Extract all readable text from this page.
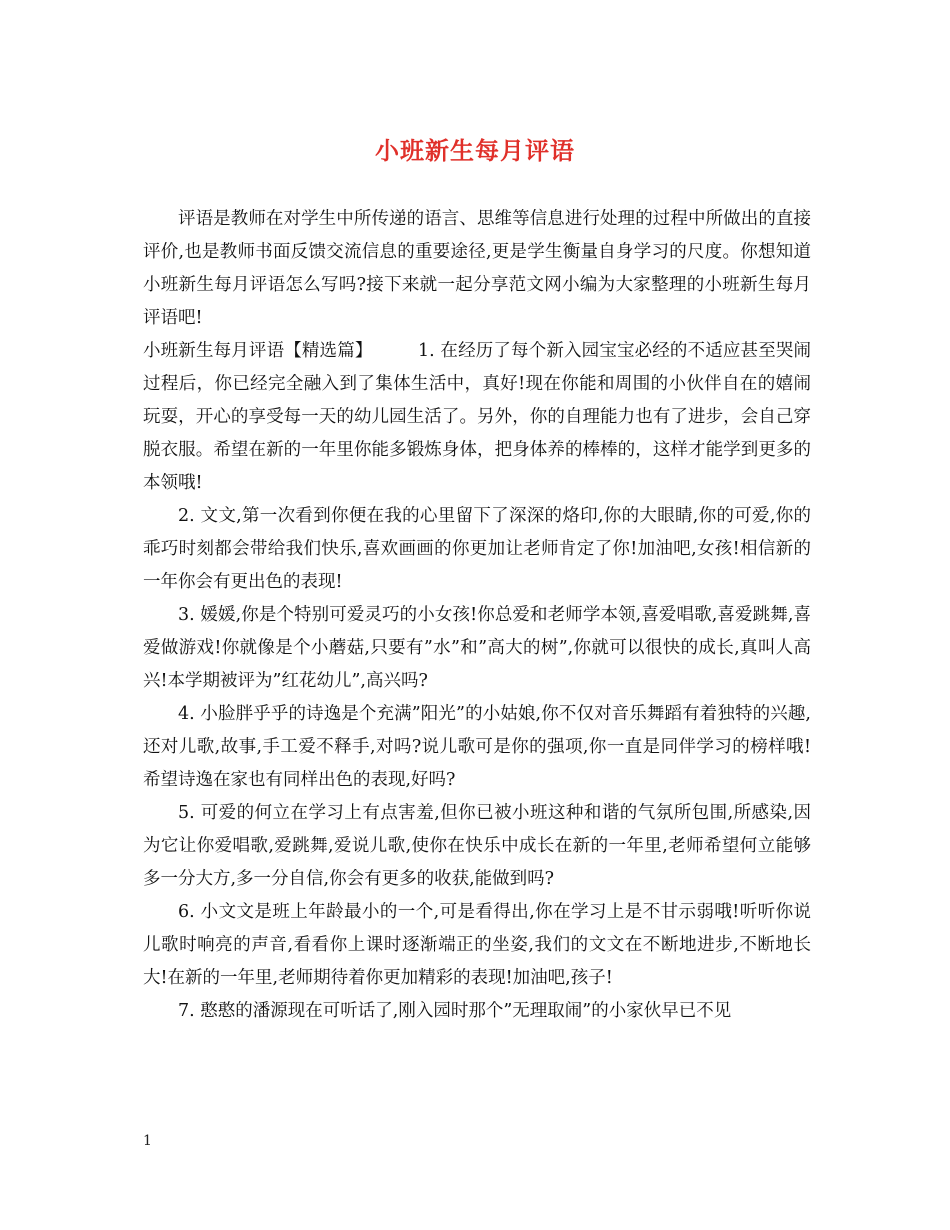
小班新生每月评语

评语是教师在对学生中所传递的语言、思维等信息进行处理的过程中所做出的直接评价,也是教师书面反馈交流信息的重要途径,更是学生衡量自身学习的尺度。你想知道小班新生每月评语怎么写吗?接下来就一起分享范文网小编为大家整理的小班新生每月评语吧!

小班新生每月评语【精选篇】	1. 在经历了每个新入园宝宝必经的不适应甚至哭闹过程后，你已经完全融入到了集体生活中，真好!现在你能和周围的小伙伴自在的嬉闹玩耍，开心的享受每一天的幼儿园生活了。另外，你的自理能力也有了进步，会自己穿脱衣服。希望在新的一年里你能多锻炼身体，把身体养的棒棒的，这样才能学到更多的本领哦!

2. 文文,第一次看到你便在我的心里留下了深深的烙印,你的大眼睛,你的可爱,你的乖巧时刻都会带给我们快乐,喜欢画画的你更加让老师肯定了你!加油吧,女孩!相信新的一年你会有更出色的表现!

3. 媛媛,你是个特别可爱灵巧的小女孩!你总爱和老师学本领,喜爱唱歌,喜爱跳舞,喜爱做游戏!你就像是个小蘑菇,只要有”水”和”高大的树”,你就可以很快的成长,真叫人高兴!本学期被评为”红花幼儿”,高兴吗?

4. 小脸胖乎乎的诗逸是个充满”阳光”的小姑娘,你不仅对音乐舞蹈有着独特的兴趣,还对儿歌,故事,手工爱不释手,对吗?说儿歌可是你的强项,你一直是同伴学习的榜样哦!希望诗逸在家也有同样出色的表现,好吗?

5. 可爱的何立在学习上有点害羞,但你已被小班这种和谐的气氛所包围,所感染,因为它让你爱唱歌,爱跳舞,爱说儿歌,使你在快乐中成长在新的一年里,老师希望何立能够多一分大方,多一分自信,你会有更多的收获,能做到吗?

6. 小文文是班上年龄最小的一个,可是看得出,你在学习上是不甘示弱哦!听听你说儿歌时响亮的声音,看看你上课时逐渐端正的坐姿,我们的文文在不断地进步,不断地长大!在新的一年里,老师期待着你更加精彩的表现!加油吧,孩子!

7. 憨憨的潘源现在可听话了,刚入园时那个”无理取闹”的小家伙早已不见

1
